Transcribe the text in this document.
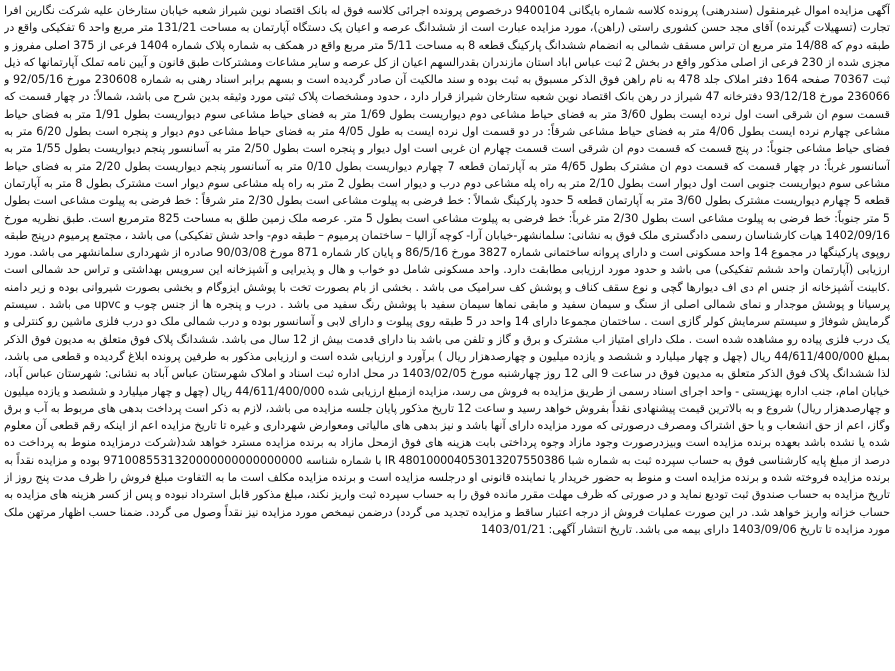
آگهی مزایده اموال غیرمنقول (سندرهنی) پرونده کلاسه شماره بایگانی 9400104 درخصوص پرونده اجرائی کلاسه فوق له بانک اقتصاد نوین شیراز شعبه خیابان ستارخان علیه شرکت نگارین افرا تجارت (تسهیلات گیرنده) آقای مجد حسن کشوری راستی (راهن)، مورد مزایده عبارت است از ششدانگ عرصه و اعیان یک دستگاه آپارتمان به مساحت 131/21 متر مربع واحد 6 تفکیکی واقع در طبقه دوم که 14/88 متر مربع ان تراس مسقف شمالی به انضمام ششدانگ پارکینگ قطعه 8 به مساحت 5/11 متر مربع واقع در همکف به شماره پلاک شماره 1404 فرعی از 375 اصلی مفروز و مجزی شده از 230 فرعی از اصلی مذکور واقع در بخش 2 ثبت عباس اباد استان مازندران بقدرالسهم اعیان از کل عرصه و سایر مشاعات ومشترکات طبق قانون و آیین نامه تملک آپارتمانها که ذیل ثبت 70367 صفحه 164 دفتر املاک جلد 478 به نام راهن فوق الذکر مسبوق به ثبت بوده و سند مالکیت آن صادر گردیده است و بسهم برابر اسناد رهنی به شماره 230608 مورخ 92/05/16 و 236066 مورخ 93/12/18 دفترخانه 47 شیراز در رهن بانک اقتصاد نوین شعبه ستارخان شیراز قرار دارد ، حدود ومشخصات پلاک ثبتی مورد وثیقه بدین شرح می باشد، شمالاً: در چهار قسمت که قسمت سوم ان شرقی است اول نرده ایست بطول 3/60 متر به فضای حیاط مشاعی دوم دیواریست بطول 1/69 متر به فضای حیاط مشاعی سوم دیواریست بطول 1/91 متر به فضای حیاط مشاعی چهارم نرده ایست بطول 4/06 متر به فضای حیاط مشاعی شرقاً: در دو قسمت اول نرده ایست به طول 4/05 متر به فضای حیاط مشاعی دوم دیوار و پنجره است بطول 6/20 متر به فضای حیاط مشاعی جنوباً: در پنج قسمت که قسمت دوم ان شرقی است قسمت چهارم ان غربی است اول دیوار و پنجره است بطول 2/50 متر به آسانسور پنجم دیواریست بطول 1/55 متر به آسانسور غرباً: در چهار قسمت که قسمت دوم ان مشترک بطول 4/65 متر به آپارتمان قطعه 7 چهارم دیواریست بطول 0/10 متر به آسانسور پنجم دیواریست بطول 2/20 متر به فضای حیاط مشاعی سوم دیواریست جنوبی است اول دیوار است بطول 2/10 متر به راه پله مشاعی دوم درب و دیوار است بطول 2 متر به راه پله مشاعی سوم دیوار است مشترک بطول 8 متر به آپارتمان قطعه 5 چهارم دیواریست مشترک بطول 3/60 متر به آپارتمان قطعه 5 حدود پارکینگ شمالاً : خط فرضی به پیلوت مشاعی است بطول 2/30 متر شرقاً : خط فرضی به پیلوت مشاعی است بطول 5 متر جنوباً: خط فرضی به پیلوت مشاعی است بطول 2/30 متر غرباً: خط فرضی به پیلوت مشاعی است بطول 5 متر. عرصه ملک زمین طلق به مساحت 825 مترمربع است. طبق نظریه مورخ 1402/09/16 هیات کارشناسان رسمی دادگستری ملک فوق به نشانی: سلمانشهر-خیابان آرا- کوچه آزالیا – ساختمان پرمیوم – طبقه دوم- واحد شش تفکیکی) می باشد ، مجتمع پرمیوم درپنج طبقه روپوی پارکینگها در مجموع 14 واحد مسکونی است و دارای پروانه ساختمانی شماره 3827 مورخ 86/5/16 و پایان کار شماره 871 مورخ 90/03/08 صادره از شهرداری سلمانشهر می باشد. مورد ارزیابی (آپارتمان واحد ششم تفکیکی) می باشد و حدود مورد ارزیابی مطابقت دارد. واحد مسکونی شامل دو خواب و هال و پذیرایی و آشپزخانه این سرویس بهداشتی و تراس حد شمالی است .کابینت آشپزخانه از جنس ام دی اف دیوارها گچی و نوع سقف کناف و پوشش کف سرامیک می باشد . بخشی از بام بصورت تخت با پوشش ایزوگام و بخشی بصورت شیروانی بوده و زیر دامنه پرسیانا و پوشش موجدار و نمای شمالی اصلی از سنگ و سیمان سفید و مابقی نماها سیمان سفید با پوشش رنگ سفید می باشد . درب و پنجره ها از جنس چوب و upvc می باشد . سیستم گرمایش شوفاژ و سیستم سرمایش کولر گازی است . ساختمان مجموعا دارای 14 واحد در 5 طبقه روی پیلوت و دارای لابی و آسانسور بوده و درب شمالی ملک دو درب فلزی ماشین رو کنترلی و یک درب فلزی پیاده رو مشاهده شده است . ملک دارای امتیاز اب مشترک و برق و گاز و تلفن می باشد بنا دارای قدمت بیش از 12 سال می باشد. ششدانگ پلاک فوق متعلق به مدیون فوق الذکر بمبلغ 44/611/400/000 ریال (چهل و چهار میلیارد و ششصد و یازده میلیون و چهارصدهزار ریال ) برآورد و ارزیابی شده است و ارزیابی مذکور به طرفین پرونده ابلاغ گردیده و قطعی می باشد، لذا ششدانگ پلاک فوق الذکر متعلق به مدیون فوق در ساعت 9 الی 12 روز چهارشنبه مورخ 1403/02/05 در محل اداره ثبت اسناد و املاک شهرستان عباس آباد به نشانی: شهرستان عباس آباد، خیابان امام، جنب اداره بهزیستی - واحد اجرای اسناد رسمی از طریق مزایده به فروش می رسد، مزایده ازمبلغ ارزیابی شده 44/611/400/000 ریال (چهل و چهار میلیارد و ششصد و یازده میلیون و چهارصدهزار ریال) شروع و به بالاترین قیمت پیشنهادی نقداً بفروش خواهد رسید و ساعت 12 تاریخ مذکور پایان جلسه مزایده می باشد، لازم به ذکر است پرداخت بدهی های مربوط به آب و برق وگاز، اعم از حق انشعاب و یا حق اشتراک ومصرف درصورتی که مورد مزایده دارای آنها باشد و نیز بدهی های مالیاتی ومعوارض شهرداری و غیره تا تاریخ مزایده اعم از اینکه رقم قطعی آن معلوم شده یا نشده باشد بعهده برنده مزایده است وبیزدرصورت وجود مازاد وجوه پرداختی بابت هزینه های فوق ازمحل مازاد به برنده مزایده مسترد خواهد شد(شرکت درمزایده منوط به پرداخت ده درصد از مبلغ پایه کارشناسی فوق به حساب سپرده ثبت به شماره شبا IR 480100004053013207550386 با شماره شناسه 9710085531320000000000000000 بوده و مزایده نقداً به برنده مزایده فروخته شده و برنده مزایده است و منوط به حضور خریدار یا نماینده قانونی او درجلسه مزایده است و برنده مزایده مکلف است ما به التفاوت مبلغ فروش را ظرف مدت پنج روز از تاریخ مزایده به حساب صندوق ثبت تودیع نماید و در صورتی که ظرف مهلت مقرر مانده فوق را به حساب سپرده ثبت واریز نکند، مبلغ مذکور قابل استرداد نبوده و پس از کسر هزینه های مزایده به حساب خزانه واریز خواهد شد. در این صورت عملیات فروش از درجه اعتبار ساقط و مزایده تجدید می گردد) درضمن نیمخص مورد مزایده نیز نقداً وصول می گردد. ضمنا حسب اظهار مرتهن ملک مورد مزایده تا تاریخ 1403/09/06 دارای بیمه می باشد. تاریخ انتشار آگهی: 1403/01/21
